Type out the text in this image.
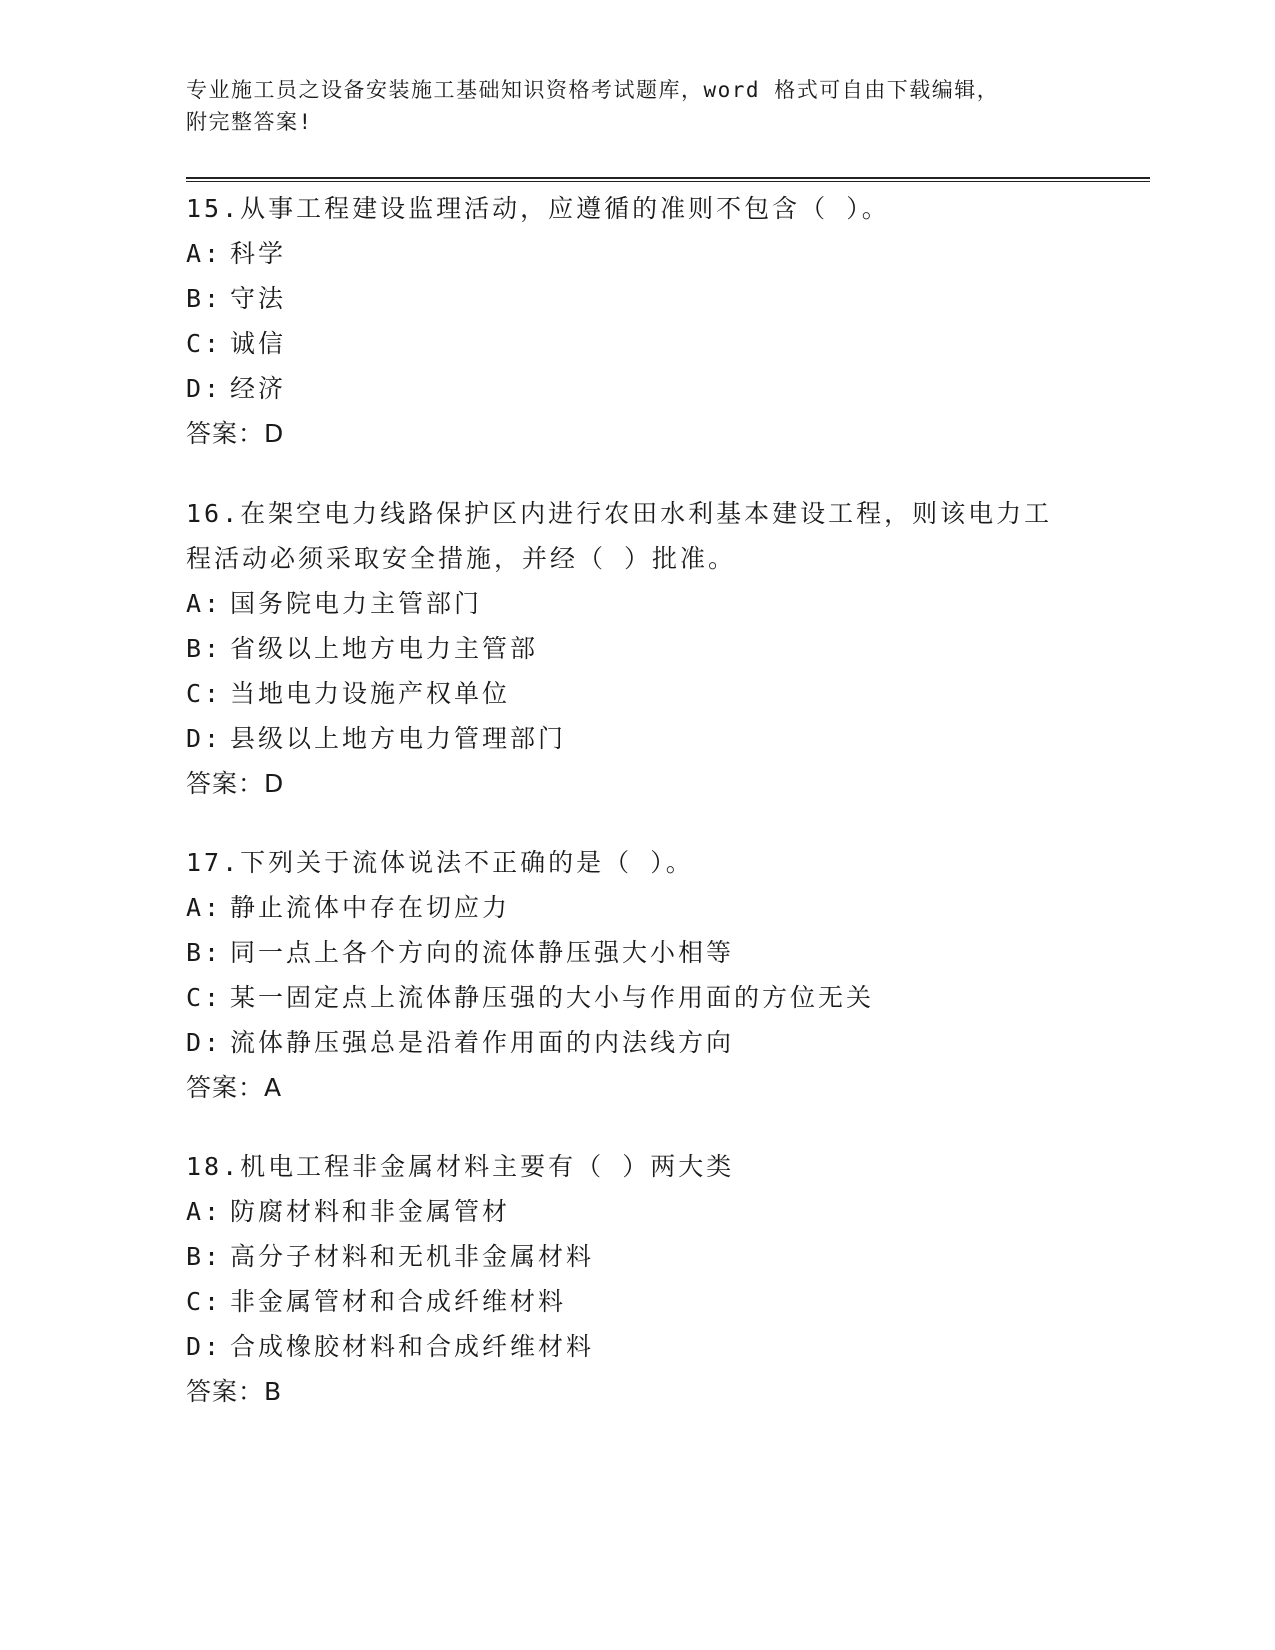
专业施工员之设备安装施工基础知识资格考试题库，word 格式可自由下载编辑，
附完整答案!
15.从事工程建设监理活动，应遵循的准则不包含（ ）。
A: 科学
B: 守法
C: 诚信
D: 经济
答案：D
16.在架空电力线路保护区内进行农田水利基本建设工程，则该电力工
程活动必须采取安全措施，并经（ ）批准。
A: 国务院电力主管部门
B: 省级以上地方电力主管部
C: 当地电力设施产权单位
D: 县级以上地方电力管理部门
答案：D
17.下列关于流体说法不正确的是（ ）。
A: 静止流体中存在切应力
B: 同一点上各个方向的流体静压强大小相等
C: 某一固定点上流体静压强的大小与作用面的方位无关
D: 流体静压强总是沿着作用面的内法线方向
答案：A
18.机电工程非金属材料主要有（ ）两大类
A: 防腐材料和非金属管材
B: 高分子材料和无机非金属材料
C: 非金属管材和合成纤维材料
D: 合成橡胶材料和合成纤维材料
答案：B
